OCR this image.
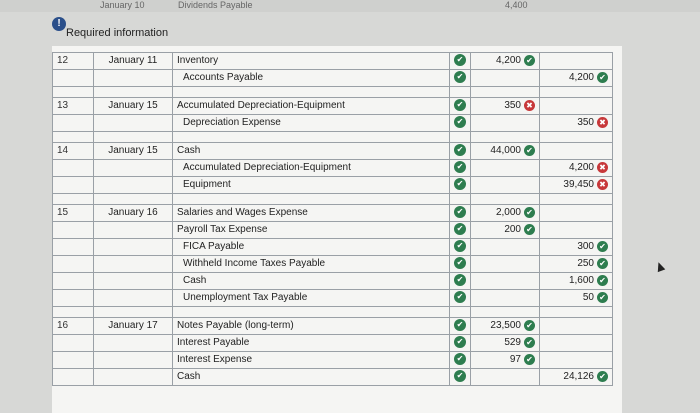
January 10	Dividends Payable	4,400
!
Required information
12	January 11	Inventory	✔	4,200 ✔	
		Accounts Payable	✔		4,200 ✔

13	January 15	Accumulated Depreciation-Equipment	✔	350 ✖	
		Depreciation Expense	✔		350 ✖

14	January 15	Cash	✔	44,000 ✔	
		Accumulated Depreciation-Equipment	✔		4,200 ✖
		Equipment	✔		39,450 ✖

15	January 16	Salaries and Wages Expense	✔	2,000 ✔	
		Payroll Tax Expense	✔	200 ✔	
		FICA Payable	✔		300 ✔
		Withheld Income Taxes Payable	✔		250 ✔
		Cash	✔		1,600 ✔
		Unemployment Tax Payable	✔		50 ✔

16	January 17	Notes Payable (long-term)	✔	23,500 ✔	
		Interest Payable	✔	529 ✔	
		Interest Expense	✔	97 ✔	
		Cash	✔		24,126 ✔
